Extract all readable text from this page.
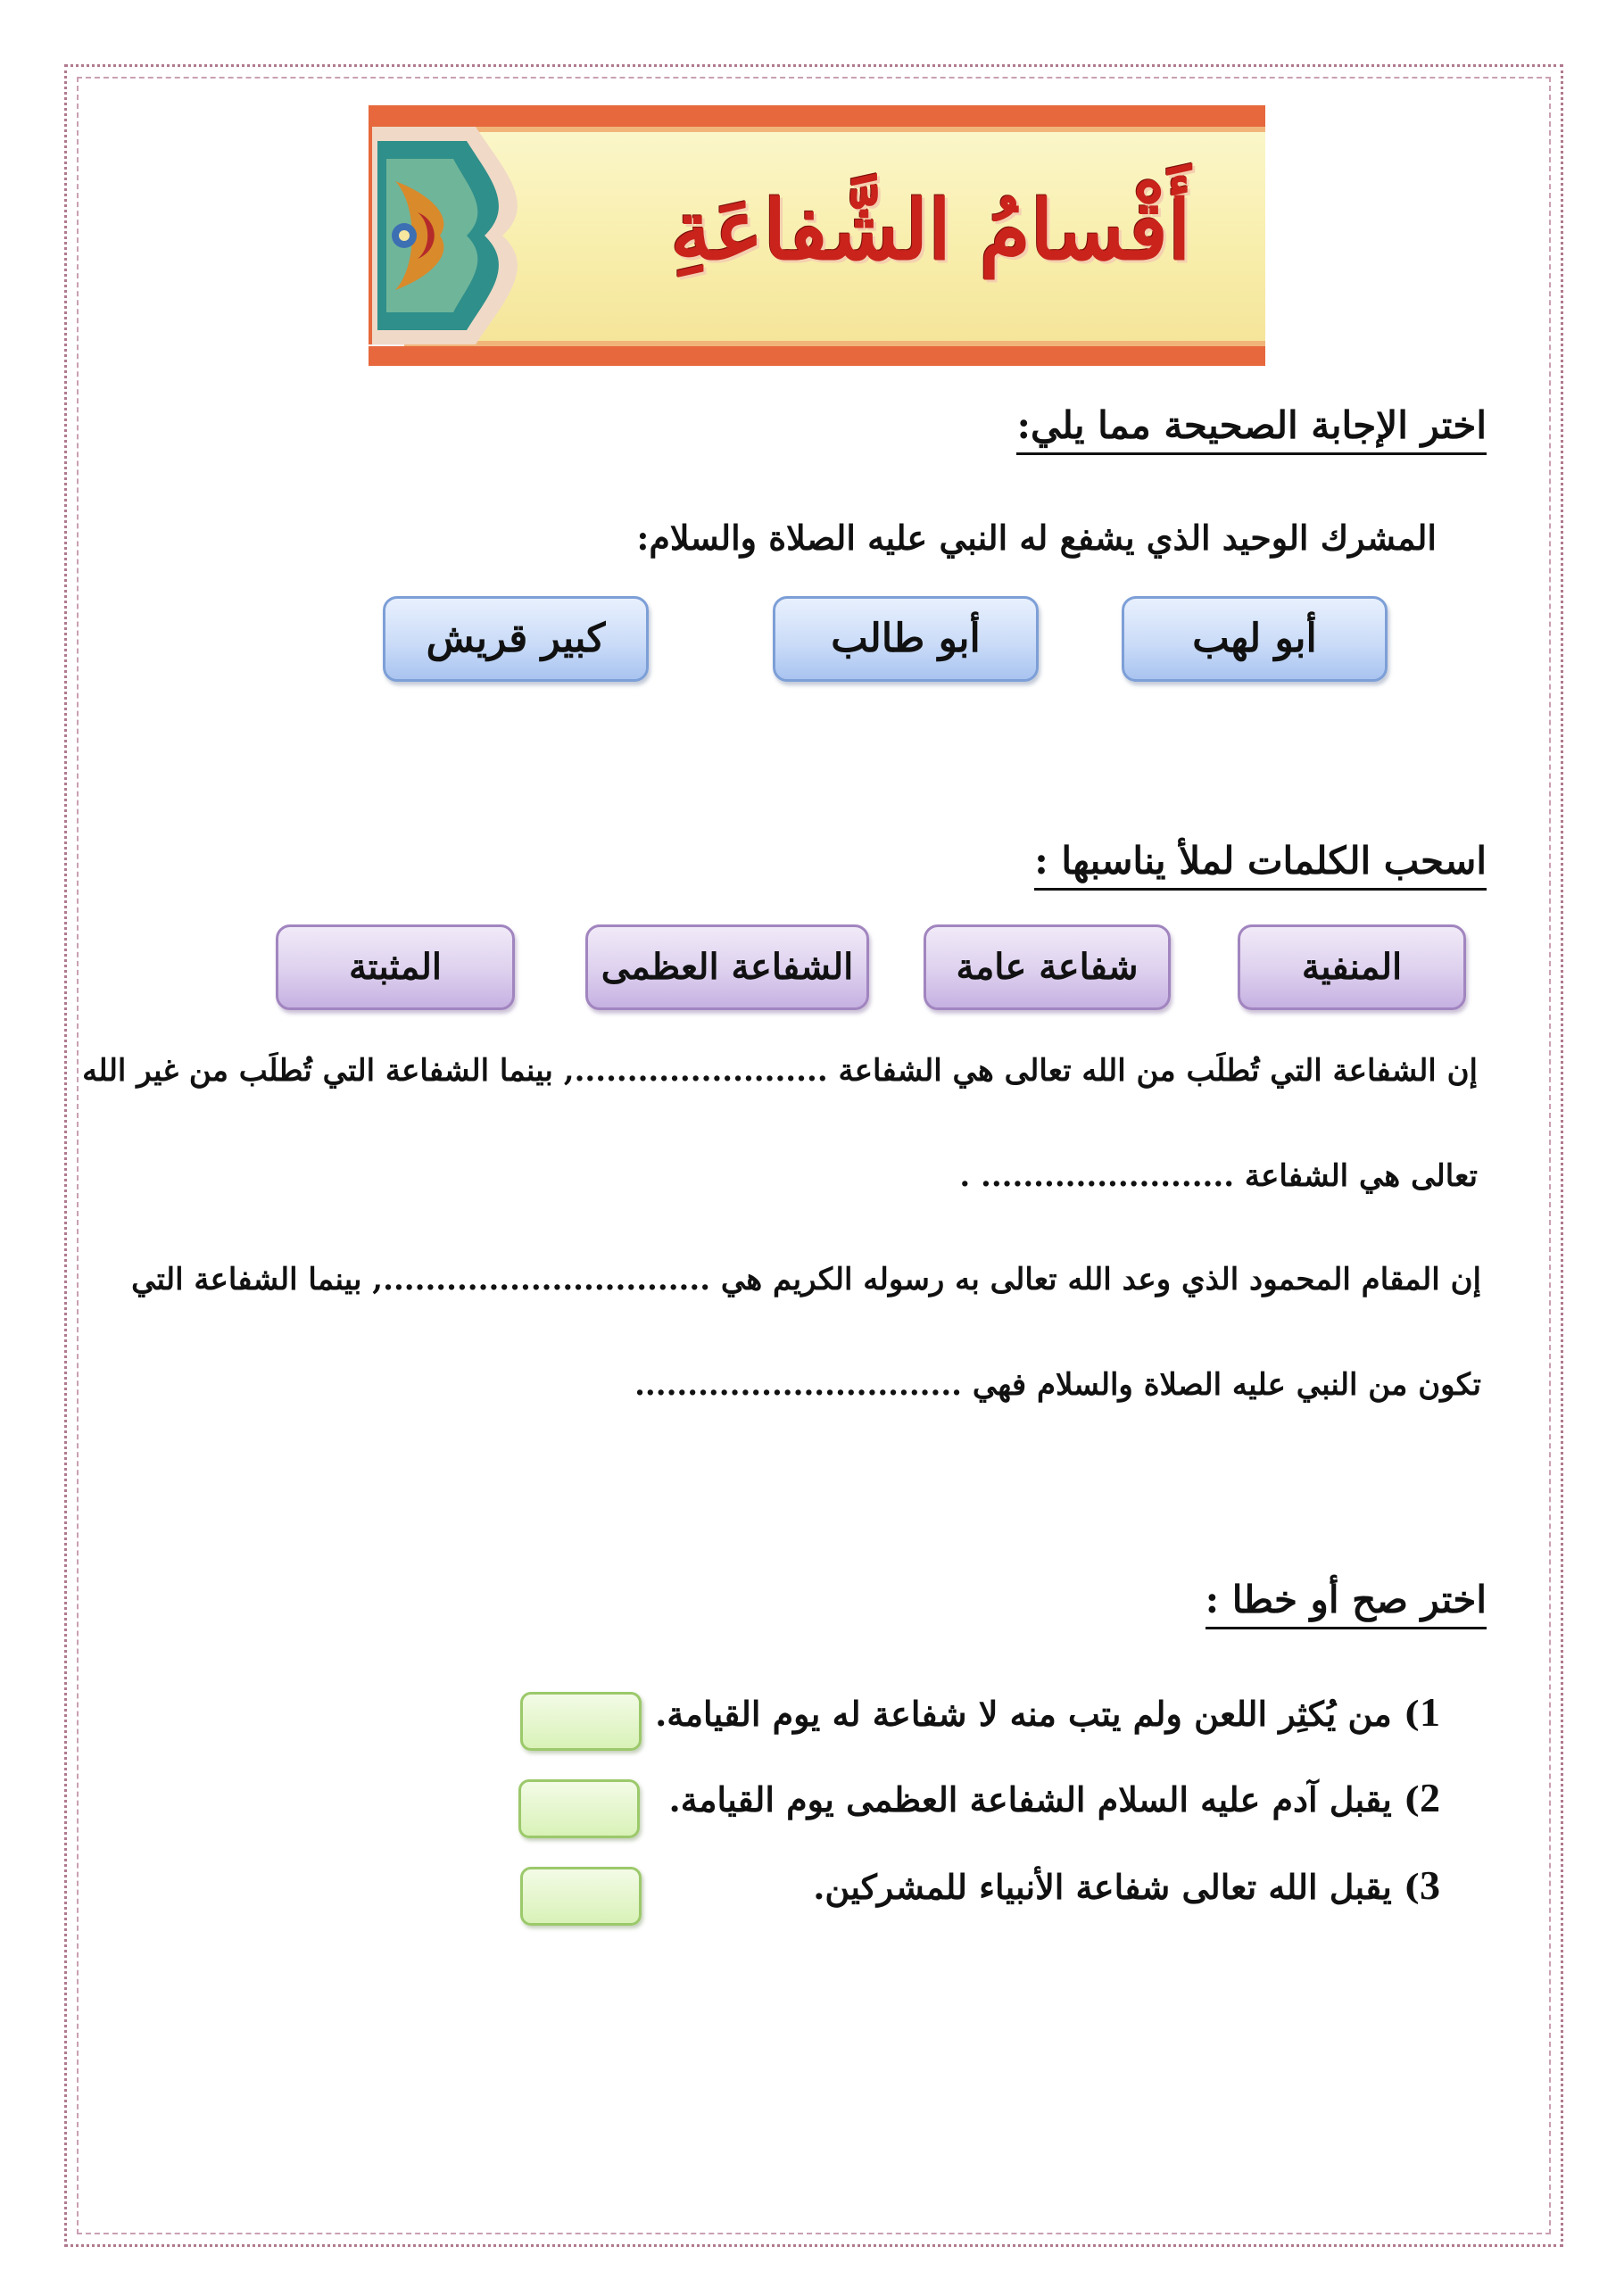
أَقْسامُ الشَّفاعَةِ
اختر الإجابة الصحيحة مما يلي:
المشرك الوحيد الذي يشفع له النبي عليه الصلاة والسلام:
أبو لهب
أبو طالب
كبير قريش
اسحب الكلمات لملأ يناسبها :
المنفية
شفاعة عامة
الشفاعة العظمى
المثبتة
إن الشفاعة التي تُطلَب من الله تعالى هي الشفاعة ........................, بينما الشفاعة التي تُطلَب من غير الله
تعالى هي الشفاعة ........................ .
إن المقام المحمود الذي وعد الله تعالى به رسوله الكريم هي ..............................., بينما الشفاعة التي
تكون من النبي عليه الصلاة والسلام فهي ...............................
اختر صح أو خطا :
1) من يُكثِر اللعن ولم يتب منه لا شفاعة له يوم القيامة.
2) يقبل آدم عليه السلام الشفاعة العظمى يوم القيامة.
3) يقبل الله تعالى شفاعة الأنبياء للمشركين.
